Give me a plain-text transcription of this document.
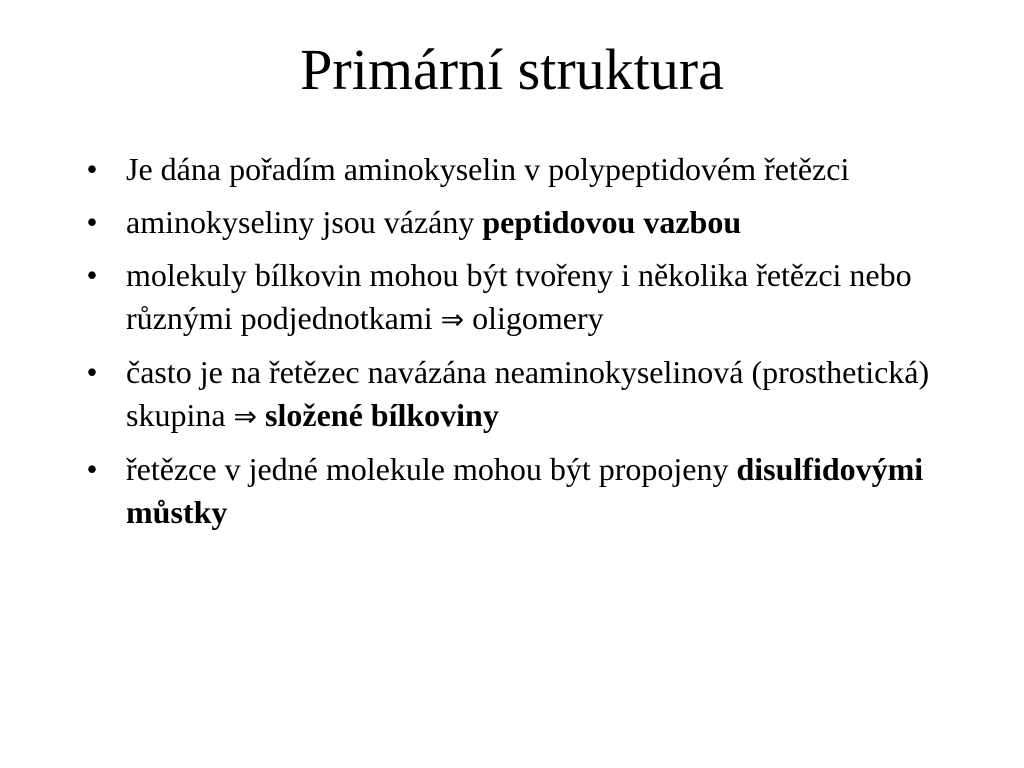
Primární struktura
• Je dána pořadím aminokyselin v polypeptidovém řetězci
• aminokyseliny jsou vázány peptidovou vazbou
• molekuly bílkovin mohou být tvořeny i několika řetězci nebo různými podjednotkami ⇒ oligomery
• často je na řetězec navázána neaminokyselinová (prosthetická) skupina ⇒ složené bílkoviny
• řetězce v jedné molekule mohou být propojeny disulfidovými můstky
